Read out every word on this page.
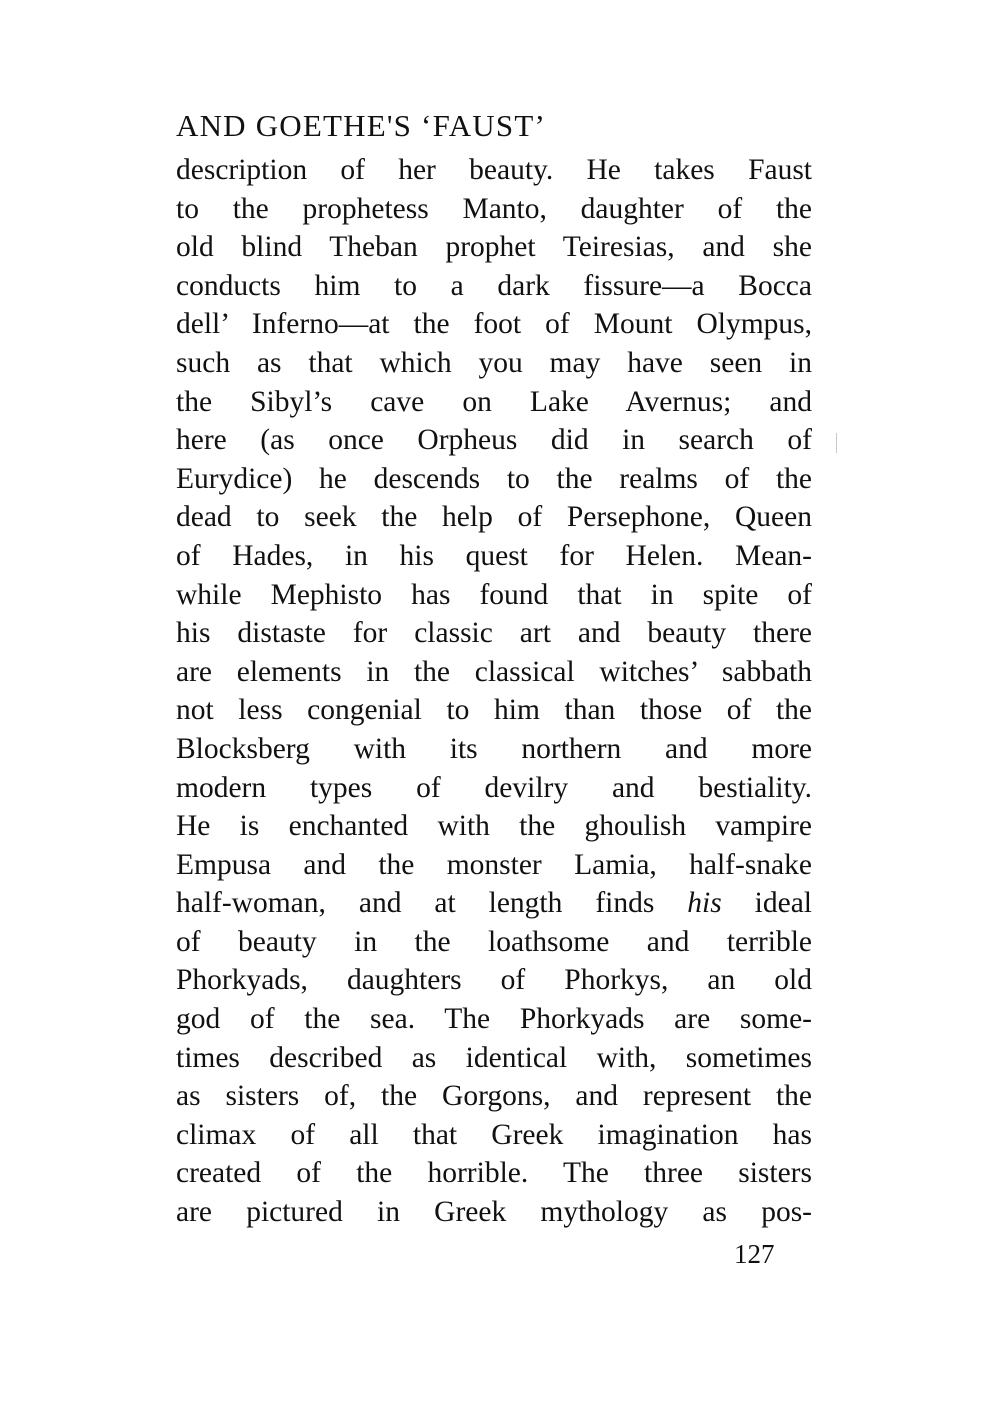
AND GOETHE'S ‘FAUST’
description of her beauty. He takes Faust
to the prophetess Manto, daughter of the
old blind Theban prophet Teiresias, and she
conducts him to a dark fissure—a Bocca
dell’ Inferno—at the foot of Mount Olympus,
such as that which you may have seen in
the Sibyl’s cave on Lake Avernus; and
here (as once Orpheus did in search of
Eurydice) he descends to the realms of the
dead to seek the help of Persephone, Queen
of Hades, in his quest for Helen. Mean-
while Mephisto has found that in spite of
his distaste for classic art and beauty there
are elements in the classical witches’ sabbath
not less congenial to him than those of the
Blocksberg with its northern and more
modern types of devilry and bestiality.
He is enchanted with the ghoulish vampire
Empusa and the monster Lamia, half-snake
half-woman, and at length finds his ideal
of beauty in the loathsome and terrible
Phorkyads, daughters of Phorkys, an old
god of the sea. The Phorkyads are some-
times described as identical with, sometimes
as sisters of, the Gorgons, and represent the
climax of all that Greek imagination has
created of the horrible. The three sisters
are pictured in Greek mythology as pos-
127
